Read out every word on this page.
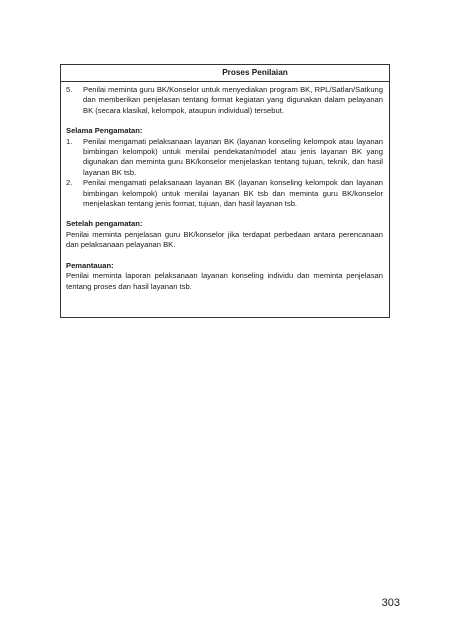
Proses Penilaian
5.	Penilai meminta guru BK/Konselor untuk menyediakan program BK, RPL/Satlan/Satkung dan memberikan penjelasan tentang format kegiatan yang digunakan dalam pelayanan BK (secara klasikal, kelompok, ataupun individual) tersebut.
Selama Pengamatan:
1.	Penilai mengamati pelaksanaan layanan BK (layanan konseling kelompok atau layanan bimbingan kelompok) untuk menilai pendekatan/model atau jenis layanan BK yang digunakan dan meminta guru BK/konselor menjelaskan tentang tujuan, teknik, dan hasil layanan BK tsb.
2.	Penilai mengamati pelaksanaan layanan BK (layanan konseling kelompok dan layanan bimbingan kelompok) untuk menilai layanan BK tsb dan meminta guru BK/konselor menjelaskan tentang jenis format, tujuan, dan hasil layanan tsb.
Setelah pengamatan:
Penilai meminta penjelasan guru BK/konselor jika terdapat perbedaan antara perencanaan dan pelaksanaan pelayanan BK.
Pemantauan:
Penilai meminta laporan pelaksanaan layanan konseling individu dan meminta penjelasan tentang proses dan hasil layanan tsb.
303
